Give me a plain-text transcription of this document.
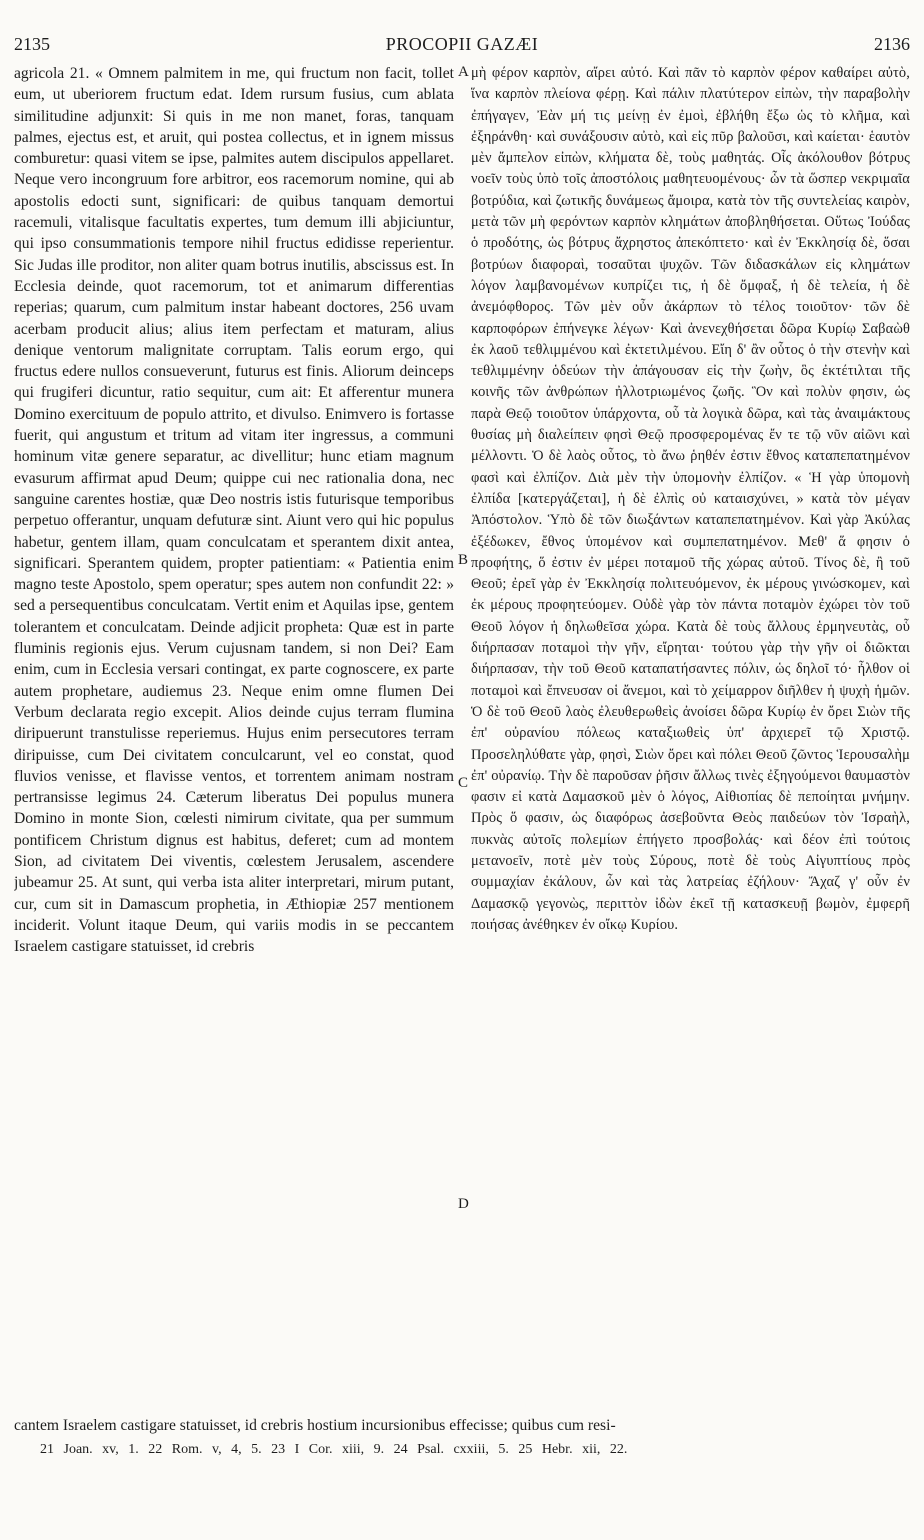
2135	PROCOPII GAZÆI	2136

agricola 21. « Omnem palmitem in me, qui fructum non facit, tollet eum, ut uberiorem fructum edat. Idem rursum fusius, cum ablata similitudine adjunxit: Si quis in me non manet, foras, tanquam palmes, ejectus est, et aruit, qui postea collectus, et in ignem missus comburetur: quasi vitem se ipse, palmites autem discipulos appellaret. Neque vero incongruum fore arbitror, eos racemorum nomine, qui ab apostolis edocti sunt, significari: de quibus tanquam demortui racemuli, vitalisque facultatis expertes, tum demum illi abjiciuntur, qui ipso consummationis tempore nihil fructus edidisse reperientur. Sic Judas ille proditor, non aliter quam botrus inutilis, abscissus est. In Ecclesia deinde, quot racemorum, tot et animarum differentias reperias; quarum, cum palmitum instar habeant doctores, 256 uvam acerbam producit alius; alius item perfectam et maturam, alius denique ventorum malignitate corruptam. Talis eorum ergo, qui fructus edere nullos consueverunt, futurus est finis. Aliorum deinceps qui frugiferi dicuntur, ratio sequitur, cum ait: Et afferentur munera Domino exercituum de populo attrito, et divulso. Enimvero is fortasse fuerit, qui angustum et tritum ad vitam iter ingressus, a communi hominum vitæ genere separatur, ac divellitur; hunc etiam magnum evasurum affirmat apud Deum; quippe cui nec rationalia dona, nec sanguine carentes hostiæ, quæ Deo nostris istis futurisque temporibus perpetuo offerantur, unquam defuturæ sint. Aiunt vero qui hic populus habetur, gentem illam, quam conculcatam et sperantem dixit antea, significari. Sperantem quidem, propter patientiam: « Patientia enim magno teste Apostolo, spem operatur; spes autem non confundit 22: » sed a persequentibus conculcatam. Vertit enim et Aquilas ipse, gentem tolerantem et conculcatam. Deinde adjicit propheta: Quæ est in parte fluminis regionis ejus. Verum cujusnam tandem, si non Dei? Eam enim, cum in Ecclesia versari contingat, ex parte cognoscere, ex parte autem prophetare, audiemus 23. Neque enim omne flumen Dei Verbum declarata regio excepit. Alios deinde cujus terram flumina diripuerunt transtulisse reperiemus. Hujus enim persecutores terram diripuisse, cum Dei civitatem conculcarunt, vel eo constat, quod fluvios venisse, et flavisse ventos, et torrentem animam nostram pertransisse legimus 24. Cæterum liberatus Dei populus munera Domino in monte Sion, cœlesti nimirum civitate, qua per summum pontificem Christum dignus est habitus, deferet; cum ad montem Sion, ad civitatem Dei viventis, cœlestem Jerusalem, ascendere jubeamur 25. At sunt, qui verba ista aliter interpretari, mirum putant, cur, cum sit in Damascum prophetia, in Æthiopiæ 257 mentionem inciderit. Volunt itaque Deum, qui variis modis in se peccantem Israelem castigare statuisset, id crebris

A
B
C
D

μὴ φέρον καρπὸν, αἴρει αὐτό. Καὶ πᾶν τὸ καρπὸν φέρον καθαίρει αὐτὸ, ἵνα καρπὸν πλείονα φέρῃ. Καὶ πάλιν πλατύτερον εἰπὼν, τὴν παραβολὴν ἐπήγαγεν, Ἐὰν μή τις μείνῃ ἐν ἐμοὶ, ἐβλήθη ἔξω ὡς τὸ κλῆμα, καὶ ἐξηράνθη· καὶ συνάξουσιν αὐτὸ, καὶ εἰς πῦρ βαλοῦσι, καὶ καίεται· ἑαυτὸν μὲν ἄμπελον εἰπὼν, κλήματα δὲ, τοὺς μαθητάς. Οἷς ἀκόλουθον βότρυς νοεῖν τοὺς ὑπὸ τοῖς ἀποστόλοις μαθητευομένους· ὧν τὰ ὥσπερ νεκριμαῖα βοτρύδια, καὶ ζωτικῆς δυνάμεως ἄμοιρα, κατὰ τὸν τῆς συντελείας καιρὸν, μετὰ τῶν μὴ φερόντων καρπὸν κλημάτων ἀποβληθήσεται. Οὕτως Ἰούδας ὁ προδότης, ὡς βότρυς ἄχρηστος ἀπεκόπτετο· καὶ ἐν Ἐκκλησίᾳ δὲ, ὅσαι βοτρύων διαφοραὶ, τοσαῦται ψυχῶν. Τῶν διδασκάλων εἰς κλημάτων λόγον λαμβανομένων κυπρίζει τις, ἡ δὲ ὄμφαξ, ἡ δὲ τελεία, ἡ δὲ ἀνεμόφθορος. Τῶν μὲν οὖν ἀκάρπων τὸ τέλος τοιοῦτον· τῶν δὲ καρποφόρων ἐπήνεγκε λέγων· Καὶ ἀνενεχθήσεται δῶρα Κυρίῳ Σαβαὼθ ἐκ λαοῦ τεθλιμμένου καὶ ἐκτετιλμένου. Εἴη δ' ἂν οὗτος ὁ τὴν στενὴν καὶ τεθλιμμένην ὁδεύων τὴν ἀπάγουσαν εἰς τὴν ζωὴν, ὃς ἐκτέτιλται τῆς κοινῆς τῶν ἀνθρώπων ἠλλοτριωμένος ζωῆς. Ὃν καὶ πολὺν φησιν, ὡς παρὰ Θεῷ τοιοῦτον ὑπάρχοντα, οὗ τὰ λογικὰ δῶρα, καὶ τὰς ἀναιμάκτους θυσίας μὴ διαλείπειν φησὶ Θεῷ προσφερομένας ἔν τε τῷ νῦν αἰῶνι καὶ μέλλοντι. Ὁ δὲ λαὸς οὗτος, τὸ ἄνω ῥηθέν ἐστιν ἔθνος καταπεπατημένον φασὶ καὶ ἐλπίζον. Διὰ μὲν τὴν ὑπομονὴν ἐλπίζον. « Ἡ γὰρ ὑπομονὴ ἐλπίδα [κατεργάζεται], ἡ δὲ ἐλπὶς οὐ καταισχύνει, » κατὰ τὸν μέγαν Ἀπόστολον. Ὑπὸ δὲ τῶν διωξάντων καταπεπατημένον. Καὶ γὰρ Ἀκύλας ἐξέδωκεν, ἔθνος ὑπομένον καὶ συμπεπατημένον. Μεθ' ἅ φησιν ὁ προφήτης, ὅ ἐστιν ἐν μέρει ποταμοῦ τῆς χώρας αὐτοῦ. Τίνος δὲ, ἢ τοῦ Θεοῦ; ἐρεῖ γὰρ ἐν Ἐκκλησίᾳ πολιτευόμενον, ἐκ μέρους γινώσκομεν, καὶ ἐκ μέρους προφητεύομεν. Οὐδὲ γὰρ τὸν πάντα ποταμὸν ἐχώρει τὸν τοῦ Θεοῦ λόγον ἡ δηλωθεῖσα χώρα. Κατὰ δὲ τοὺς ἄλλους ἑρμηνευτὰς, οὗ διήρπασαν ποταμοὶ τὴν γῆν, εἴρηται· τούτου γὰρ τὴν γῆν οἱ διῶκται διήρπασαν, τὴν τοῦ Θεοῦ καταπατήσαντες πόλιν, ὡς δηλοῖ τό· ἦλθον οἱ ποταμοὶ καὶ ἔπνευσαν οἱ ἄνεμοι, καὶ τὸ χείμαρρον διῆλθεν ἡ ψυχὴ ἡμῶν. Ὁ δὲ τοῦ Θεοῦ λαὸς ἐλευθερωθεὶς ἀνοίσει δῶρα Κυρίῳ ἐν ὄρει Σιὼν τῆς ἐπ' οὐρανίου πόλεως καταξιωθεὶς ὑπ' ἀρχιερεῖ τῷ Χριστῷ. Προσεληλύθατε γὰρ, φησὶ, Σιὼν ὄρει καὶ πόλει Θεοῦ ζῶντος Ἱερουσαλὴμ ἐπ' οὐρανίῳ. Τὴν δὲ παροῦσαν ῥῆσιν ἄλλως τινὲς ἐξηγούμενοι θαυμαστὸν φασιν εἰ κατὰ Δαμασκοῦ μὲν ὁ λόγος, Αἰθιοπίας δὲ πεποίηται μνήμην. Πρὸς ὅ φασιν, ὡς διαφόρως ἀσεβοῦντα Θεὸς παιδεύων τὸν Ἰσραὴλ, πυκνὰς αὐτοῖς πολεμίων ἐπήγετο προσβολάς· καὶ δέον ἐπὶ τούτοις μετανοεῖν, ποτὲ μὲν τοὺς Σύρους, ποτὲ δὲ τοὺς Αἰγυπτίους πρὸς συμμαχίαν ἐκάλουν, ὧν καὶ τὰς λατρείας ἐζήλουν· Ἄχαζ γ' οὖν ἐν Δαμασκῷ γεγονὼς, περιττὸν ἰδὼν ἐκεῖ τῇ κατασκευῇ βωμὸν, ἐμφερῆ ποιήσας ἀνέθηκεν ἐν οἴκῳ Κυρίου.

cantem Israelem castigare statuisset, id crebris hostium incursionibus effecisse; quibus cum resi-
21 Joan. xv, 1. 22 Rom. v, 4, 5. 23 I Cor. xiii, 9. 24 Psal. cxxiii, 5. 25 Hebr. xii, 22.
